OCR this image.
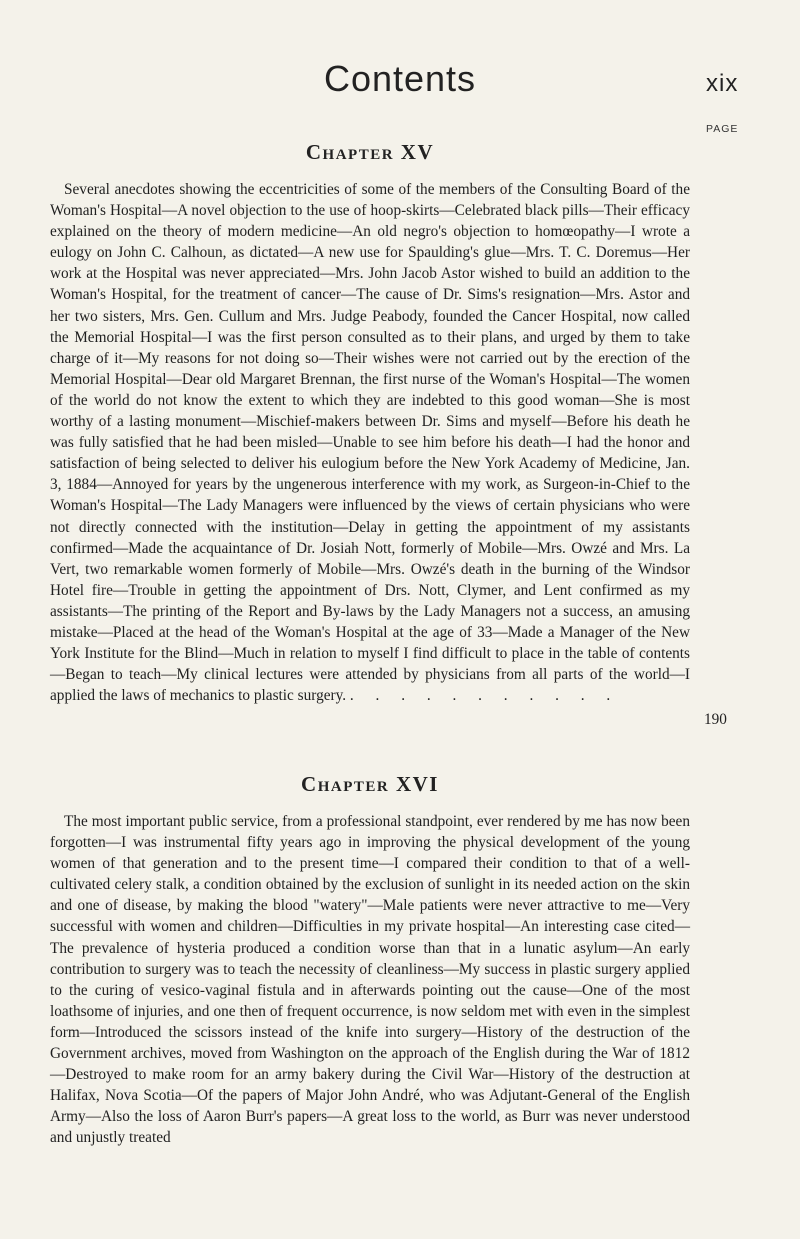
Contents	xix
PAGE
Chapter XV

Several anecdotes showing the eccentricities of some of the members of the Consulting Board of the Woman's Hospital—A novel objection to the use of hoop-skirts—Celebrated black pills—Their efficacy explained on the theory of modern medicine—An old negro's objection to homœopathy—I wrote a eulogy on John C. Calhoun, as dictated—A new use for Spaulding's glue—Mrs. T. C. Doremus—Her work at the Hospital was never appreciated—Mrs. John Jacob Astor wished to build an addition to the Woman's Hospital, for the treatment of cancer—The cause of Dr. Sims's resignation—Mrs. Astor and her two sisters, Mrs. Gen. Cullum and Mrs. Judge Peabody, founded the Cancer Hospital, now called the Memorial Hospital—I was the first person consulted as to their plans, and urged by them to take charge of it—My reasons for not doing so—Their wishes were not carried out by the erection of the Memorial Hospital—Dear old Margaret Brennan, the first nurse of the Woman's Hospital—The women of the world do not know the extent to which they are indebted to this good woman—She is most worthy of a lasting monument—Mischief-makers between Dr. Sims and myself—Before his death he was fully satisfied that he had been misled—Unable to see him before his death—I had the honor and satisfaction of being selected to deliver his eulogium before the New York Academy of Medicine, Jan. 3, 1884—Annoyed for years by the ungenerous interference with my work, as Surgeon-in-Chief to the Woman's Hospital—The Lady Managers were influenced by the views of certain physicians who were not directly connected with the institution—Delay in getting the appointment of my assistants confirmed—Made the acquaintance of Dr. Josiah Nott, formerly of Mobile—Mrs. Owzé and Mrs. La Vert, two remarkable women formerly of Mobile—Mrs. Owzé's death in the burning of the Windsor Hotel fire—Trouble in getting the appointment of Drs. Nott, Clymer, and Lent confirmed as my assistants—The printing of the Report and By-laws by the Lady Managers not a success, an amusing mistake—Placed at the head of the Woman's Hospital at the age of 33—Made a Manager of the New York Institute for the Blind—Much in relation to myself I find difficult to place in the table of contents—Began to teach—My clinical lectures were attended by physicians from all parts of the world—I applied the laws of mechanics to plastic surgery. . . . . . . . . . . .

190
Chapter XVI

The most important public service, from a professional standpoint, ever rendered by me has now been forgotten—I was instrumental fifty years ago in improving the physical development of the young women of that generation and to the present time—I compared their condition to that of a well-cultivated celery stalk, a condition obtained by the exclusion of sunlight in its needed action on the skin and one of disease, by making the blood "watery"—Male patients were never attractive to me—Very successful with women and children—Difficulties in my private hospital—An interesting case cited—The prevalence of hysteria produced a condition worse than that in a lunatic asylum—An early contribution to surgery was to teach the necessity of cleanliness—My success in plastic surgery applied to the curing of vesico-vaginal fistula and in afterwards pointing out the cause—One of the most loathsome of injuries, and one then of frequent occurrence, is now seldom met with even in the simplest form—Introduced the scissors instead of the knife into surgery—History of the destruction of the Government archives, moved from Washington on the approach of the English during the War of 1812—Destroyed to make room for an army bakery during the Civil War—History of the destruction at Halifax, Nova Scotia—Of the papers of Major John André, who was Adjutant-General of the English Army—Also the loss of Aaron Burr's papers—A great loss to the world, as Burr was never understood and unjustly treated
